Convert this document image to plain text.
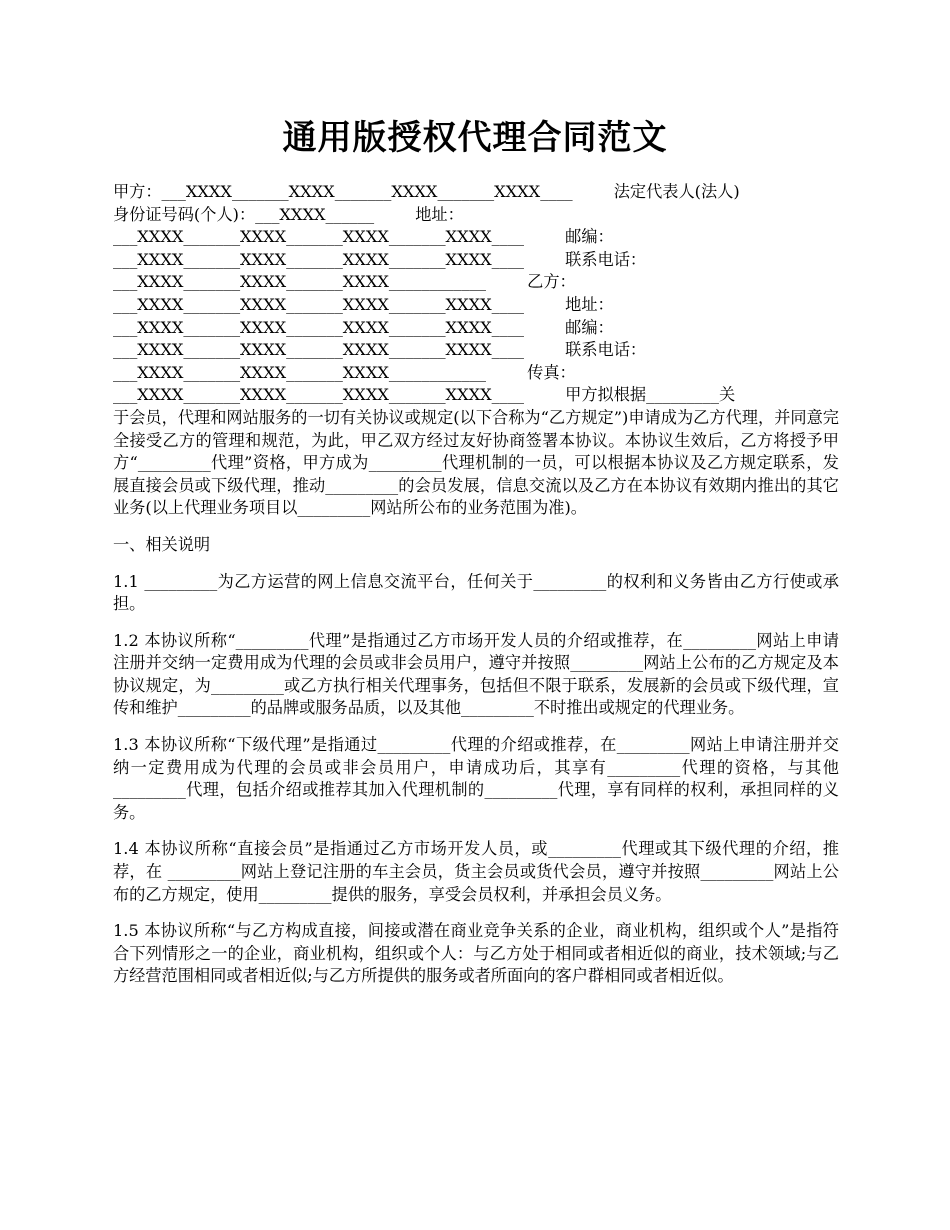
通用版授权代理合同范文
甲方：___XXXX_______XXXX_______XXXX_______XXXX____        法定代表人(法人)
身份证号码(个人)：___XXXX______        地址：
___XXXX_______XXXX_______XXXX_______XXXX____        邮编：
___XXXX_______XXXX_______XXXX_______XXXX____        联系电话：
___XXXX_______XXXX_______XXXX____________        乙方：
___XXXX_______XXXX_______XXXX_______XXXX____        地址：
___XXXX_______XXXX_______XXXX_______XXXX____        邮编：
___XXXX_______XXXX_______XXXX_______XXXX____        联系电话：
___XXXX_______XXXX_______XXXX____________        传真：
___XXXX_______XXXX_______XXXX_______XXXX____        甲方拟根据_________关

于会员，代理和网站服务的一切有关协议或规定(以下合称为“乙方规定”)申请成为乙方代理，并同意完全接受乙方的管理和规范，为此，甲乙双方经过友好协商签署本协议。本协议生效后，乙方将授予甲方“_________代理”资格，甲方成为_________代理机制的一员，可以根据本协议及乙方规定联系，发展直接会员或下级代理，推动_________的会员发展，信息交流以及乙方在本协议有效期内推出的其它业务(以上代理业务项目以_________网站所公布的业务范围为准)。

一、相关说明

1.1 _________为乙方运营的网上信息交流平台，任何关于_________的权利和义务皆由乙方行使或承担。

1.2 本协议所称“_________代理”是指通过乙方市场开发人员的介绍或推荐，在_________网站上申请注册并交纳一定费用成为代理的会员或非会员用户，遵守并按照_________网站上公布的乙方规定及本协议规定，为_________或乙方执行相关代理事务，包括但不限于联系，发展新的会员或下级代理，宣传和维护_________的品牌或服务品质，以及其他_________不时推出或规定的代理业务。

1.3 本协议所称“下级代理”是指通过_________代理的介绍或推荐，在_________网站上申请注册并交纳一定费用成为代理的会员或非会员用户，申请成功后，其享有_________代理的资格，与其他_________代理，包括介绍或推荐其加入代理机制的_________代理，享有同样的权利，承担同样的义务。

1.4 本协议所称“直接会员”是指通过乙方市场开发人员，或_________代理或其下级代理的介绍，推荐，在 _________网站上登记注册的车主会员，货主会员或货代会员，遵守并按照_________网站上公布的乙方规定，使用_________提供的服务，享受会员权利，并承担会员义务。

1.5 本协议所称“与乙方构成直接，间接或潜在商业竞争关系的企业，商业机构，组织或个人”是指符合下列情形之一的企业，商业机构，组织或个人：与乙方处于相同或者相近似的商业，技术领域;与乙方经营范围相同或者相近似;与乙方所提供的服务或者所面向的客户群相同或者相近似。
